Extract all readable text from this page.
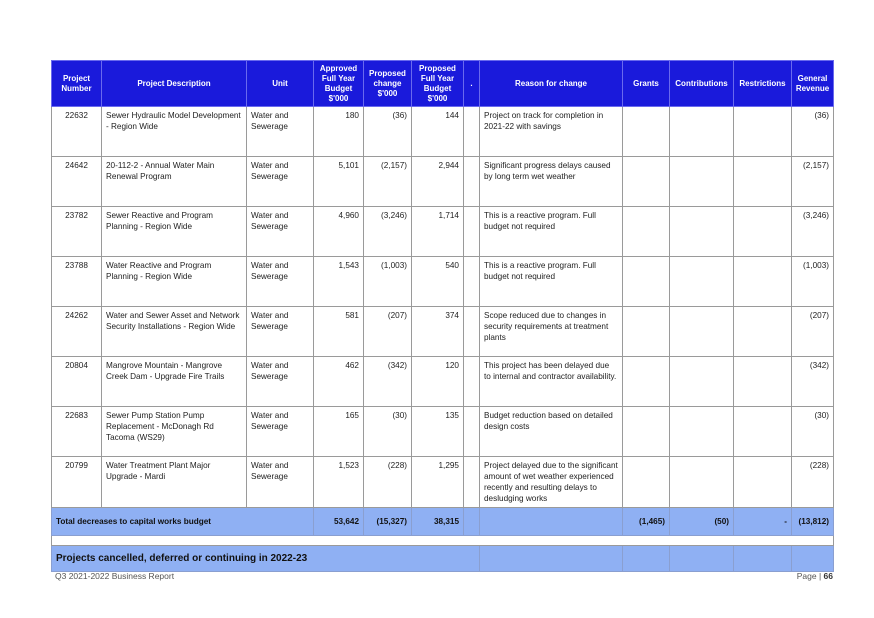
Project Number	Project Description	Unit	Approved Full Year Budget $'000	Proposed change $'000	Proposed Full Year Budget $'000	.	Reason for change	Grants	Contributions	Restrictions	General Revenue
22632	Sewer Hydraulic Model Development - Region Wide	Water and Sewerage	180	(36)	144		Project on track for completion in 2021-22 with savings				(36)
24642	20-112-2 - Annual Water Main Renewal Program	Water and Sewerage	5,101	(2,157)	2,944		Significant progress delays caused by long term wet weather				(2,157)
23782	Sewer Reactive and Program Planning - Region Wide	Water and Sewerage	4,960	(3,246)	1,714		This is a reactive program. Full budget not required				(3,246)
23788	Water Reactive and Program Planning - Region Wide	Water and Sewerage	1,543	(1,003)	540		This is a reactive program. Full budget not required				(1,003)
24262	Water and Sewer Asset and Network Security Installations - Region Wide	Water and Sewerage	581	(207)	374		Scope reduced due to changes in security requirements at treatment plants				(207)
20804	Mangrove Mountain - Mangrove Creek Dam - Upgrade Fire Trails	Water and Sewerage	462	(342)	120		This project has been delayed due to internal and contractor availability.				(342)
22683	Sewer Pump Station Pump Replacement - McDonagh Rd Tacoma (WS29)	Water and Sewerage	165	(30)	135		Budget reduction based on detailed design costs				(30)
20799	Water Treatment Plant Major Upgrade - Mardi	Water and Sewerage	1,523	(228)	1,295		Project delayed due to the significant amount of wet weather experienced recently and resulting delays to desludging works				(228)
Total decreases to capital works budget			53,642	(15,327)	38,315			(1,465)	(50)	-	(13,812)

Projects cancelled, deferred or continuing in 2022-23											
Q3 2021-2022 Business Report	Page | 66
